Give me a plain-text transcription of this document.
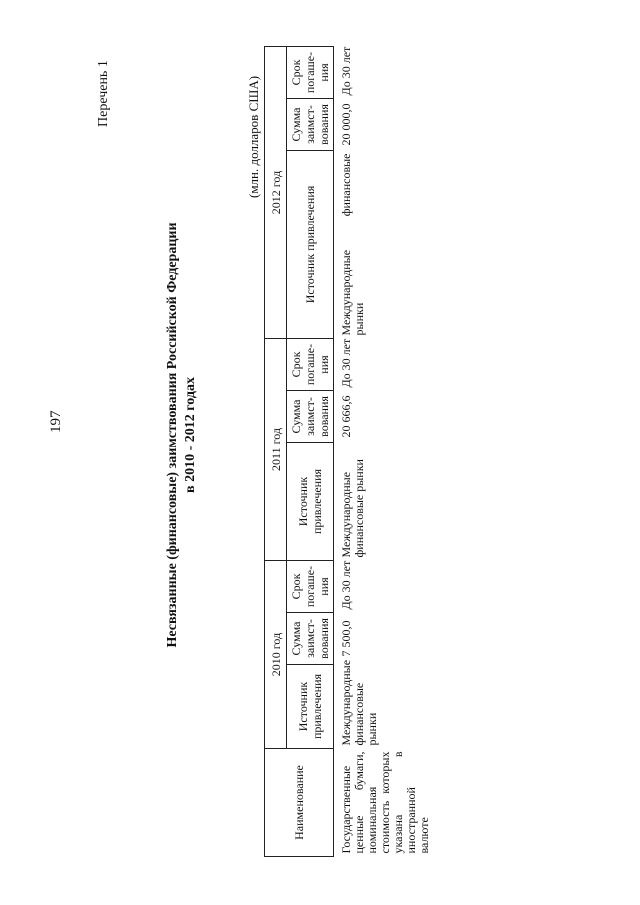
197
Перечень 1
Несвязанные (финансовые) заимствования Российской Федерации в 2010 - 2012 годах
(млн. долларов США)
Наименование	2010 год			2011 год			2012 год		
	Источник привлечения	Сумма заимст-вования	Срок погаше-ния	Источник привлечения	Сумма заимст-вования	Срок погаше-ния	Источник привлечения	Сумма заимст-вования	Срок погаше-ния
Государственные ценные бумаги, номинальная стоимость которых указана в иностранной валюте	Международные финансовые рынки	7 500,0	До 30 лет	Международные финансовые рынки	20 666,6	До 30 лет	Международные финансовые рынки	20 000,0	До 30 лет
